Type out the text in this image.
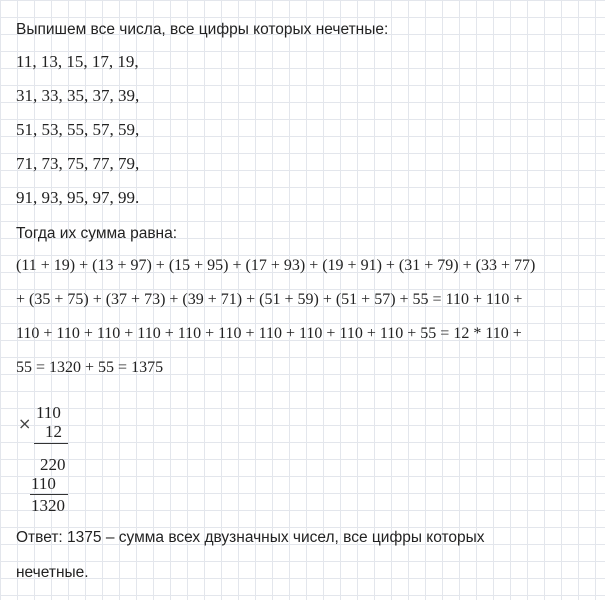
Выпишем все числа, все цифры которых нечетные:
11, 13, 15, 17, 19,
31, 33, 35, 37, 39,
51, 53, 55, 57, 59,
71, 73, 75, 77, 79,
91, 93, 95, 97, 99.
Тогда их сумма равна:
(11 + 19) + (13 + 97) + (15 + 95) + (17 + 93) + (19 + 91) + (31 + 79) + (33 + 77)
+ (35 + 75) + (37 + 73) + (39 + 71) + (51 + 59) + (51 + 57) + 55 = 110 + 110 +
110 + 110 + 110 + 110 + 110 + 110 + 110 + 110 + 110 + 110 + 55 = 12 * 110 +
55 = 1320 + 55 = 1375
×
110
12
220
110
1320
Ответ: 1375 – сумма всех двузначных чисел, все цифры которых
нечетные.
